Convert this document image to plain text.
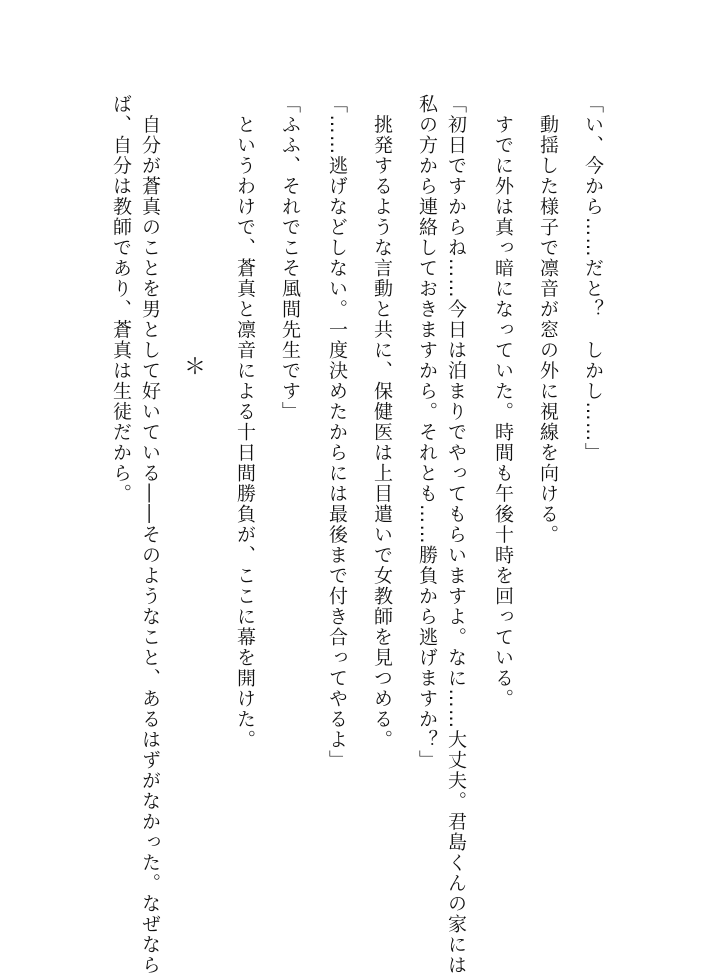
「い、今から……だと？　しかし……」
　動揺した様子で凛音が窓の外に視線を向ける。
　すでに外は真っ暗になっていた。時間も午後十時を回っている。
「初日ですからね……今日は泊まりでやってもらいますよ。なに……大丈夫。君島くんの家には
私の方から連絡しておきますから。それとも……勝負から逃げますか？」
　挑発するような言動と共に、保健医は上目遣いで女教師を見つめる。
「……逃げなどしない。一度決めたからには最後まで付き合ってやるよ」
「ふふ、それでこそ風間先生です」
　というわけで、蒼真と凛音による十日間勝負が、ここに幕を開けた。
＊
　自分が蒼真のことを男として好いている――そのようなこと、あるはずがなかった。なぜなら
ば、自分は教師であり、蒼真は生徒だから。
